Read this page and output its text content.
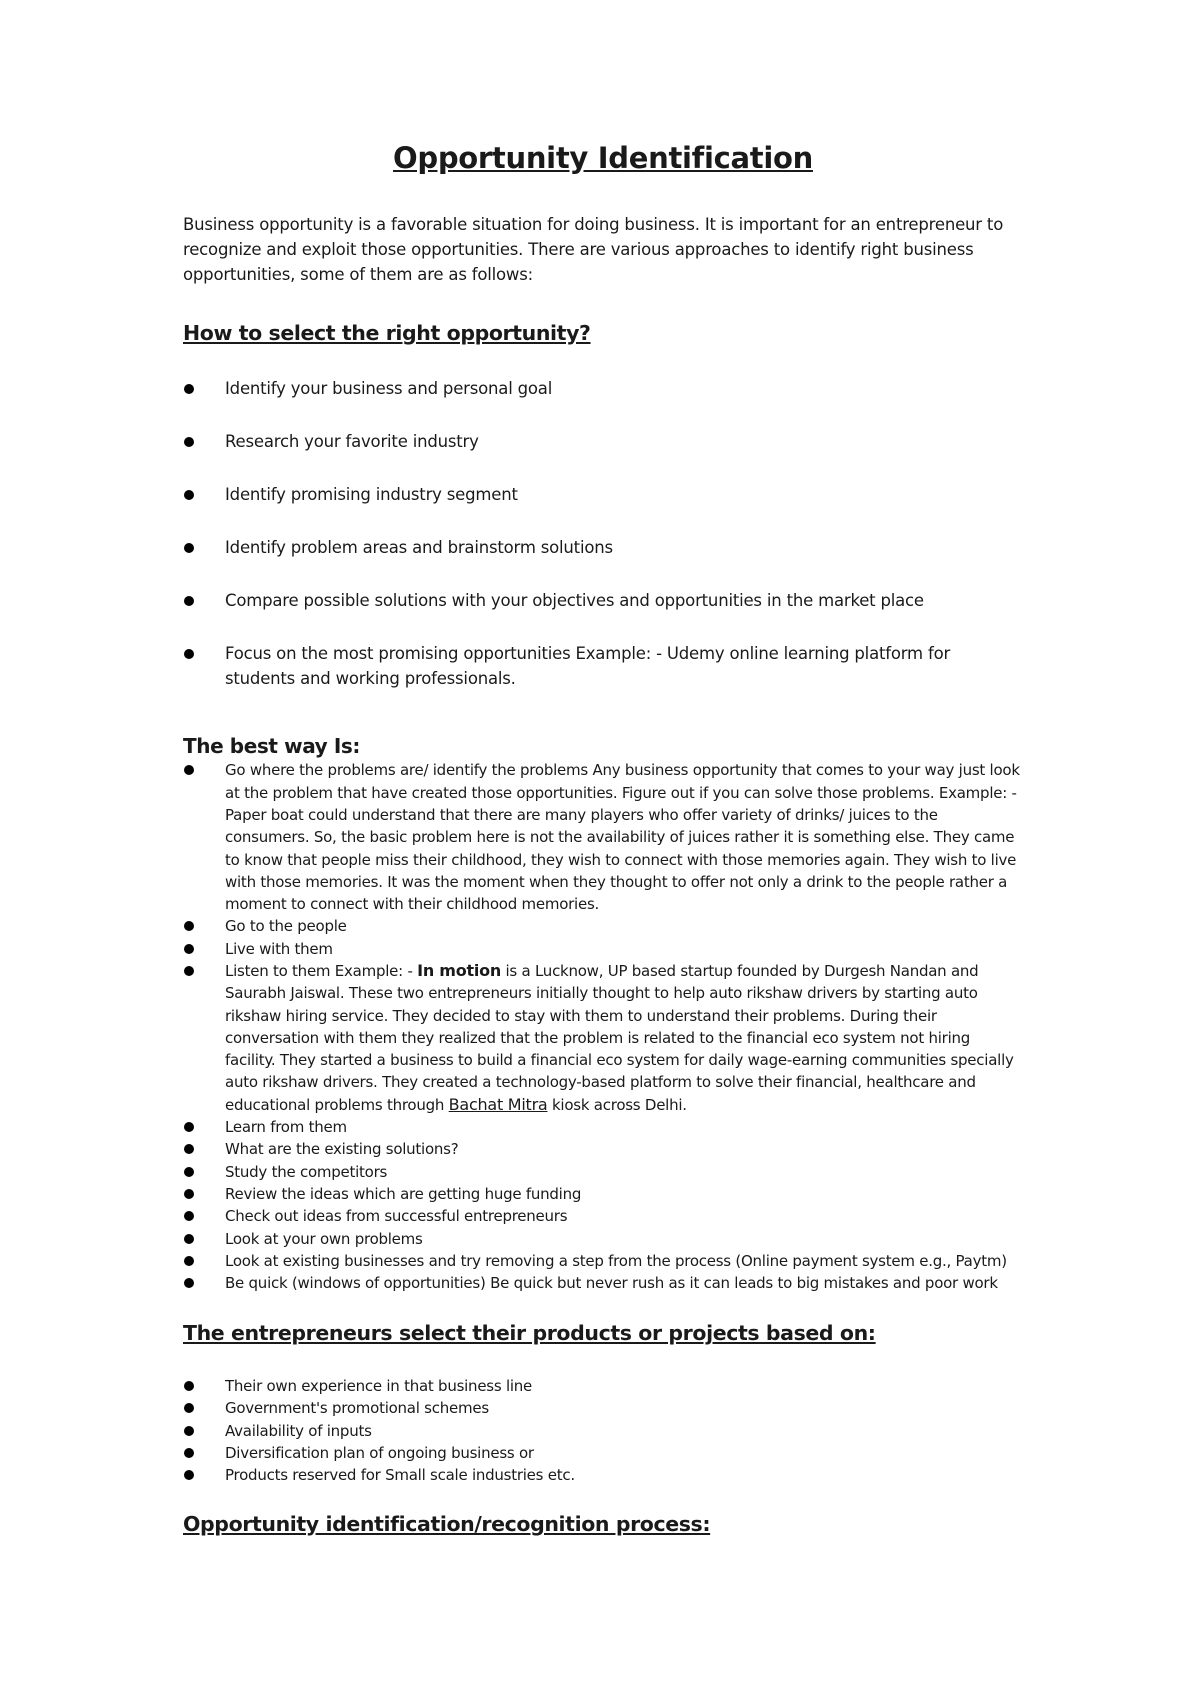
Opportunity Identification

Business opportunity is a favorable situation for doing business. It is important for an entrepreneur to recognize and exploit those opportunities. There are various approaches to identify right business opportunities, some of them are as follows:

How to select the right opportunity?
Identify your business and personal goal
Research your favorite industry
Identify promising industry segment
Identify problem areas and brainstorm solutions
Compare possible solutions with your objectives and opportunities in the market place
Focus on the most promising opportunities Example: - Udemy online learning platform for students and working professionals.
The best way Is:
Go where the problems are/ identify the problems Any business opportunity that comes to your way just look at the problem that have created those opportunities. Figure out if you can solve those problems. Example: - Paper boat could understand that there are many players who offer variety of drinks/ juices to the consumers. So, the basic problem here is not the availability of juices rather it is something else. They came to know that people miss their childhood, they wish to connect with those memories again. They wish to live with those memories. It was the moment when they thought to offer not only a drink to the people rather a moment to connect with their childhood memories.
Go to the people
Live with them
Listen to them Example: - In motion is a Lucknow, UP based startup founded by Durgesh Nandan and Saurabh Jaiswal. These two entrepreneurs initially thought to help auto rikshaw drivers by starting auto rikshaw hiring service. They decided to stay with them to understand their problems. During their conversation with them they realized that the problem is related to the financial eco system not hiring facility. They started a business to build a financial eco system for daily wage-earning communities specially auto rikshaw drivers. They created a technology-based platform to solve their financial, healthcare and educational problems through Bachat Mitra kiosk across Delhi.
Learn from them
What are the existing solutions?
Study the competitors
Review the ideas which are getting huge funding
Check out ideas from successful entrepreneurs
Look at your own problems
Look at existing businesses and try removing a step from the process (Online payment system e.g., Paytm)
Be quick (windows of opportunities) Be quick but never rush as it can leads to big mistakes and poor work
The entrepreneurs select their products or projects based on:
Their own experience in that business line
Government's promotional schemes
Availability of inputs
Diversification plan of ongoing business or
Products reserved for Small scale industries etc.
Opportunity identification/recognition process:
